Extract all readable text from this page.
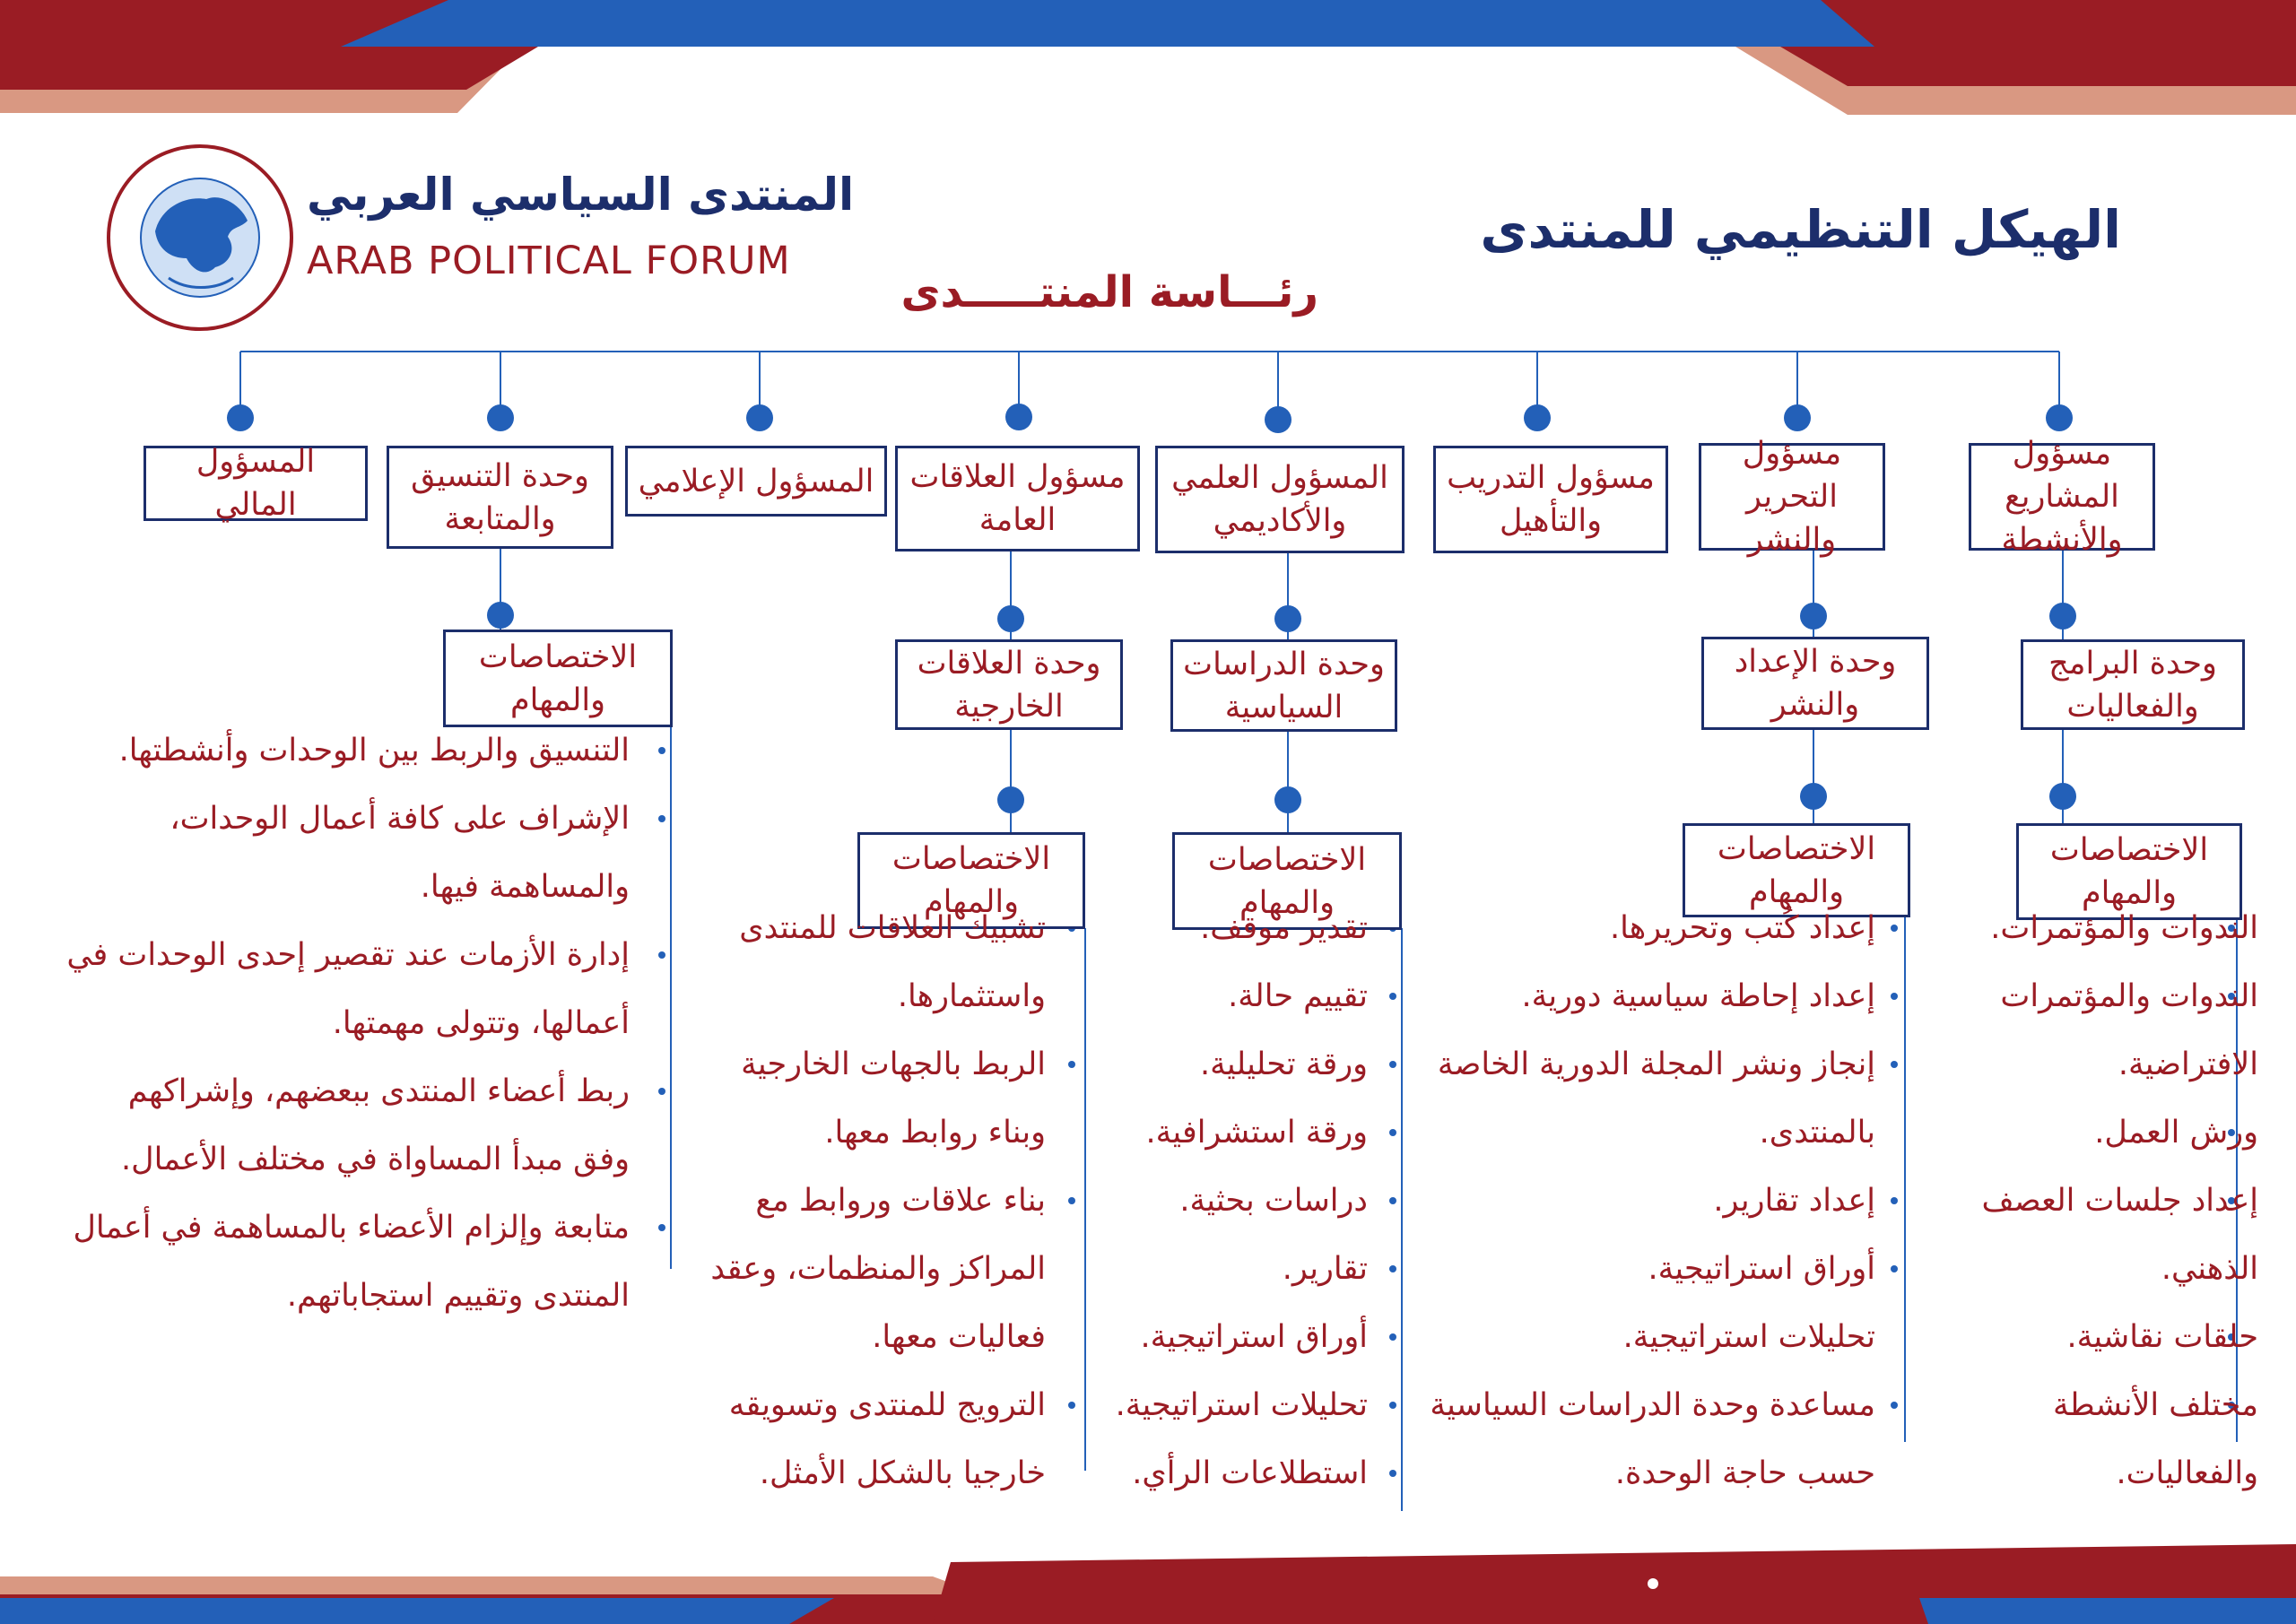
الهيكل التنظيمي للمنتدى
المنتدى السياسي العربي
ARAB POLITICAL FORUM
رئـــاسة المنتـــــدى
مسؤول
المشاريع والأنشطة
مسؤول
التحرير والنشر
مسؤول التدريب
والتأهيل
المسؤول العلمي
والأكاديمي
مسؤول العلاقات
العامة
المسؤول الإعلامي
وحدة التنسيق
والمتابعة
المسؤول المالي
وحدة البرامج
والفعاليات
وحدة الإعداد
والنشر
وحدة الدراسات
السياسية
وحدة العلاقات
الخارجية
الاختصاصات
والمهام
الاختصاصات
والمهام
الاختصاصات
والمهام
الاختصاصات
والمهام
الاختصاصات
والمهام
الندوات والمؤتمرات.
الندوات والمؤتمرات
الافتراضية.
ورش العمل.
إعداد جلسات العصف
الذهني.
حلقات نقاشية.
مختلف الأنشطة
والفعاليات.
إعداد كُتب وتحريرها.
إعداد إحاطة سياسية دورية.
إنجاز ونشر المجلة الدورية الخاصة
بالمنتدى.
إعداد تقارير.
أوراق استراتيجية.
تحليلات استراتيجية.
مساعدة وحدة الدراسات السياسية
حسب حاجة الوحدة.
تقدير موقف.
تقييم حالة.
ورقة تحليلية.
ورقة استشرافية.
دراسات بحثية.
تقارير.
أوراق استراتيجية.
تحليلات استراتيجية.
استطلاعات الرأي.
تشبيك العلاقات للمنتدى
واستثمارها.
الربط بالجهات الخارجية
وبناء روابط معها.
بناء علاقات وروابط مع
المراكز والمنظمات، وعقد
فعاليات معها.
الترويج للمنتدى وتسويقه
خارجيا بالشكل الأمثل.
التنسيق والربط بين الوحدات وأنشطتها.
الإشراف على كافة أعمال الوحدات،
والمساهمة فيها.
إدارة الأزمات عند تقصير إحدى الوحدات في
أعمالها، وتتولى مهمتها.
ربط أعضاء المنتدى ببعضهم، وإشراكهم
وفق مبدأ المساواة في مختلف الأعمال.
متابعة وإلزام الأعضاء بالمساهمة في أعمال
المنتدى وتقييم استجاباتهم.
